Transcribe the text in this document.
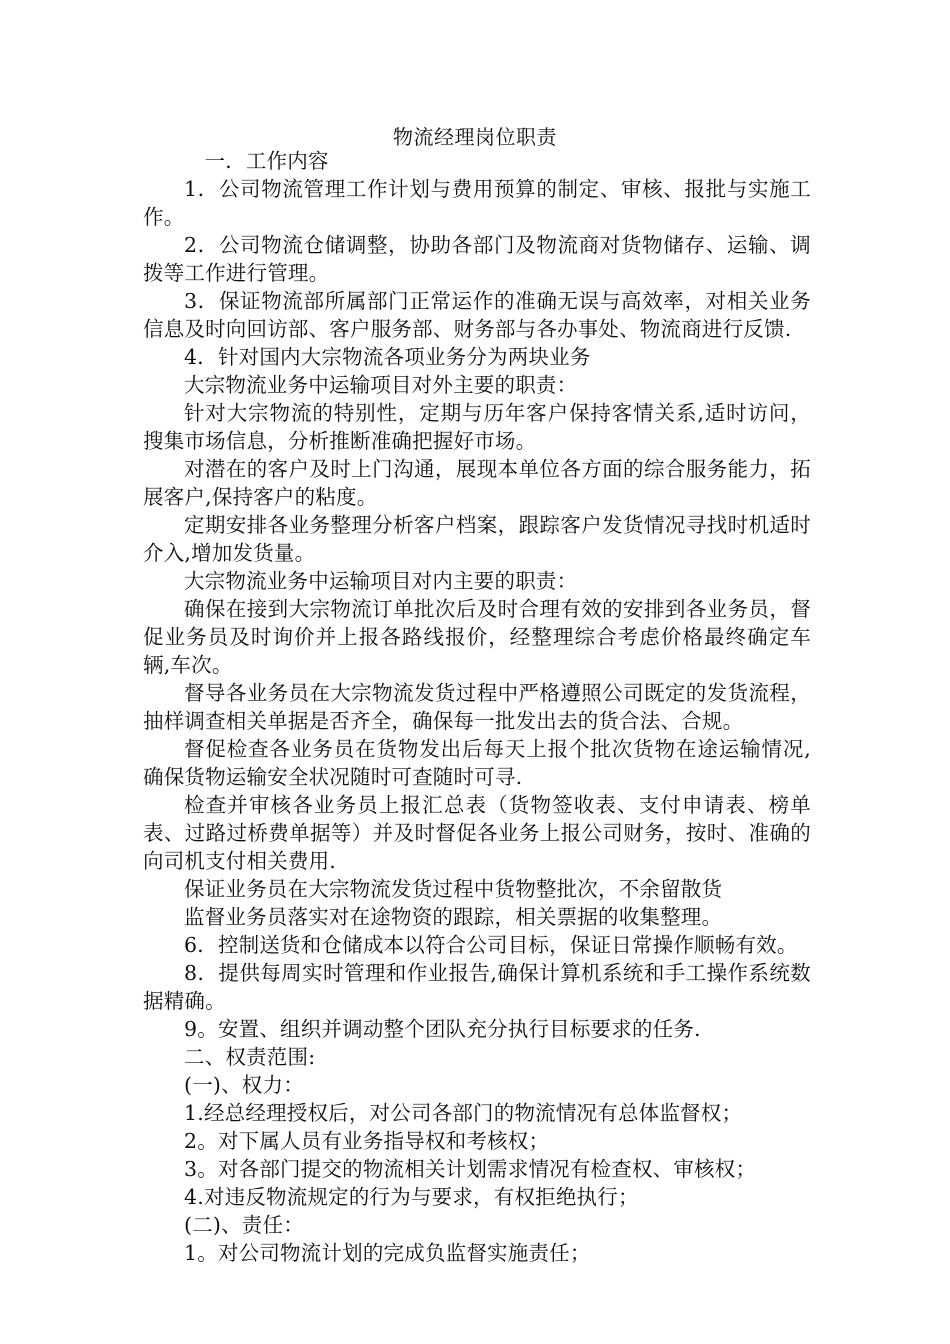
物流经理岗位职责

一．工作内容

1．公司物流管理工作计划与费用预算的制定、审核、报批与实施工作。

2．公司物流仓储调整，协助各部门及物流商对货物储存、运输、调拨等工作进行管理。

3．保证物流部所属部门正常运作的准确无误与高效率，对相关业务信息及时向回访部、客户服务部、财务部与各办事处、物流商进行反馈.

4．针对国内大宗物流各项业务分为两块业务

大宗物流业务中运输项目对外主要的职责：

针对大宗物流的特别性，定期与历年客户保持客情关系,适时访问，搜集市场信息，分析推断准确把握好市场。

对潜在的客户及时上门沟通，展现本单位各方面的综合服务能力，拓展客户,保持客户的粘度。

定期安排各业务整理分析客户档案，跟踪客户发货情况寻找时机适时介入,增加发货量。

大宗物流业务中运输项目对内主要的职责：

确保在接到大宗物流订单批次后及时合理有效的安排到各业务员，督促业务员及时询价并上报各路线报价，经整理综合考虑价格最终确定车辆,车次。

督导各业务员在大宗物流发货过程中严格遵照公司既定的发货流程，抽样调查相关单据是否齐全，确保每一批发出去的货合法、合规。

督促检查各业务员在货物发出后每天上报个批次货物在途运输情况,确保货物运输安全状况随时可查随时可寻.

检查并审核各业务员上报汇总表（货物签收表、支付申请表、榜单表、过路过桥费单据等）并及时督促各业务上报公司财务，按时、准确的向司机支付相关费用.

保证业务员在大宗物流发货过程中货物整批次，不余留散货

监督业务员落实对在途物资的跟踪，相关票据的收集整理。

6．控制送货和仓储成本以符合公司目标，保证日常操作顺畅有效。

8．提供每周实时管理和作业报告,确保计算机系统和手工操作系统数据精确。

9。安置、组织并调动整个团队充分执行目标要求的任务.

二、权责范围:

(一)、权力：

1.经总经理授权后，对公司各部门的物流情况有总体监督权；

2。对下属人员有业务指导权和考核权；

3。对各部门提交的物流相关计划需求情况有检查权、审核权；

4.对违反物流规定的行为与要求，有权拒绝执行；

(二)、责任：

1。对公司物流计划的完成负监督实施责任；
